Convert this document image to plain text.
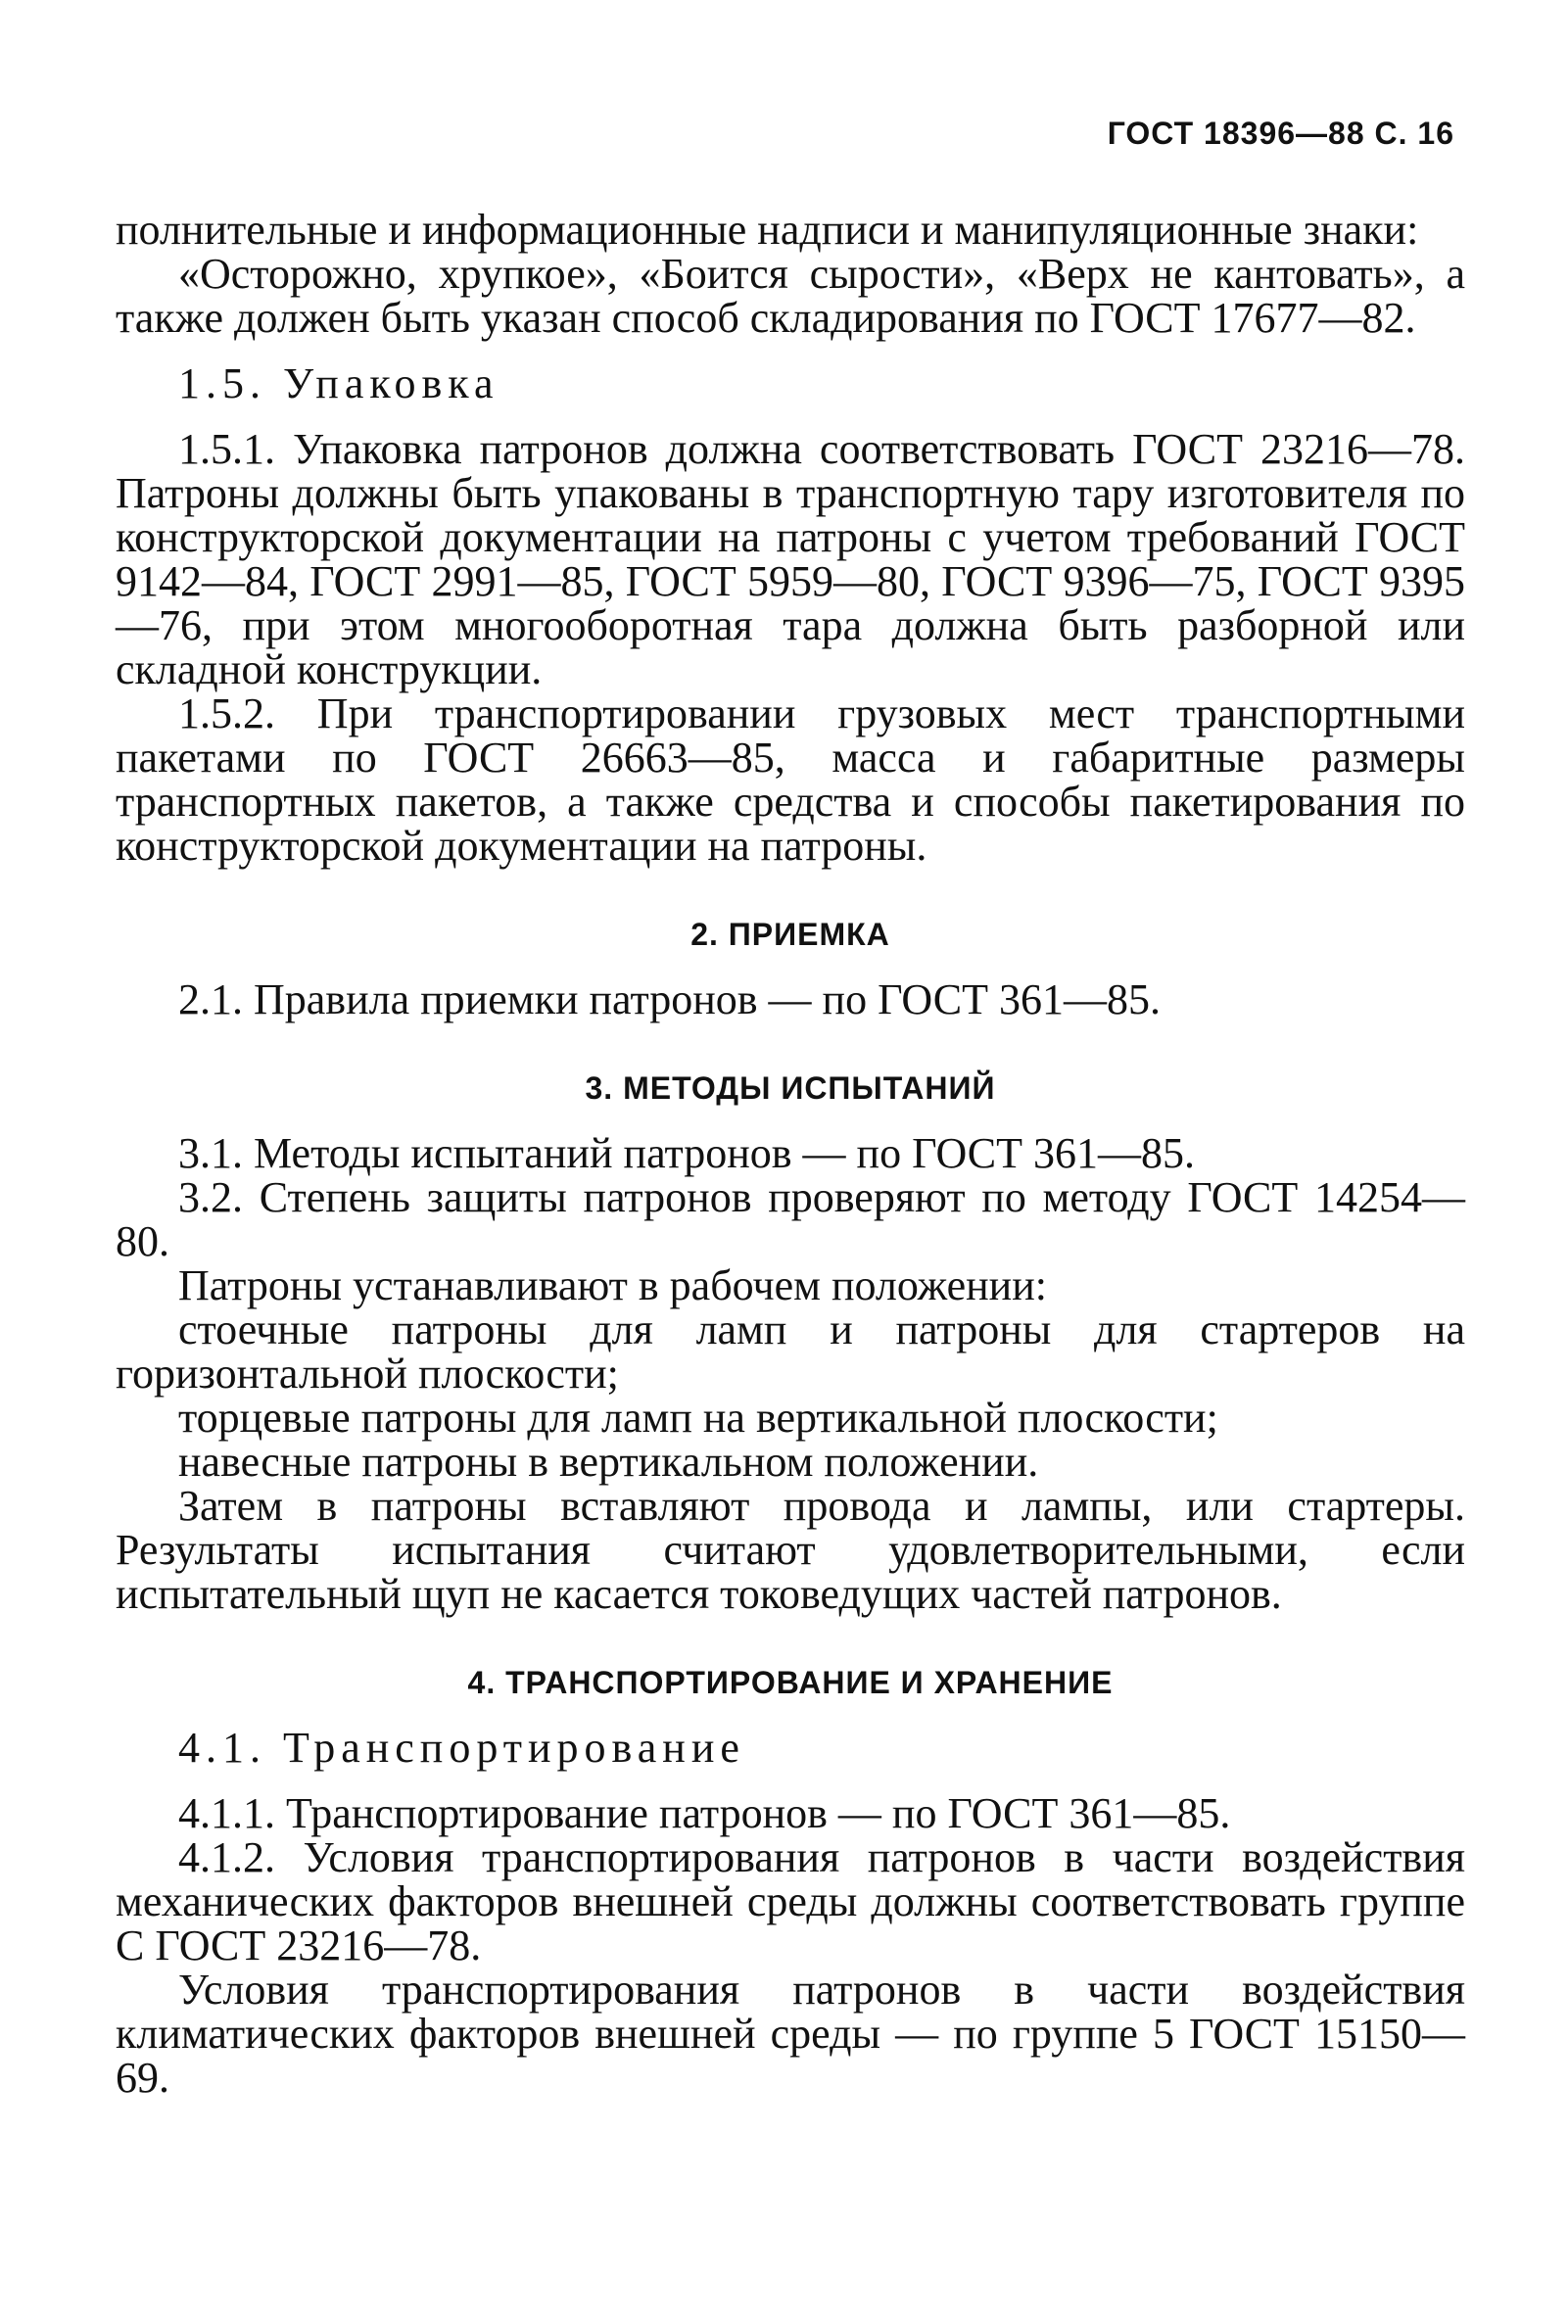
ГОСТ 18396—88 С. 16

полнительные и информационные надписи и манипуляционные знаки:

«Осторожно, хрупкое», «Боится сырости», «Верх не кантовать», а также должен быть указан способ складирования по ГОСТ 17677—82.

1.5. Упаковка

1.5.1. Упаковка патронов должна соответствовать ГОСТ 23216—78. Патроны должны быть упакованы в транспортную тару изготовителя по конструкторской документации на патроны с учетом требований ГОСТ 9142—84, ГОСТ 2991—85, ГОСТ 5959—80, ГОСТ 9396—75, ГОСТ 9395—76, при этом многооборотная тара должна быть разборной или складной конструкции.

1.5.2. При транспортировании грузовых мест транспортными пакетами по ГОСТ 26663—85, масса и габаритные размеры транспортных пакетов, а также средства и способы пакетирования по конструкторской документации на патроны.

2. ПРИЕМКА

2.1. Правила приемки патронов — по ГОСТ 361—85.

3. МЕТОДЫ ИСПЫТАНИЙ

3.1. Методы испытаний патронов — по ГОСТ 361—85.

3.2. Степень защиты патронов проверяют по методу ГОСТ 14254—80.

Патроны устанавливают в рабочем положении:

стоечные патроны для ламп и патроны для стартеров на горизонтальной плоскости;

торцевые патроны для ламп на вертикальной плоскости;

навесные патроны в вертикальном положении.

Затем в патроны вставляют провода и лампы, или стартеры. Результаты испытания считают удовлетворительными, если испытательный щуп не касается токоведущих частей патронов.

4. ТРАНСПОРТИРОВАНИЕ И ХРАНЕНИЕ

4.1. Транспортирование

4.1.1. Транспортирование патронов — по ГОСТ 361—85.

4.1.2. Условия транспортирования патронов в части воздействия механических факторов внешней среды должны соответствовать группе С ГОСТ 23216—78.

Условия транспортирования патронов в части воздействия климатических факторов внешней среды — по группе 5 ГОСТ 15150—69.
